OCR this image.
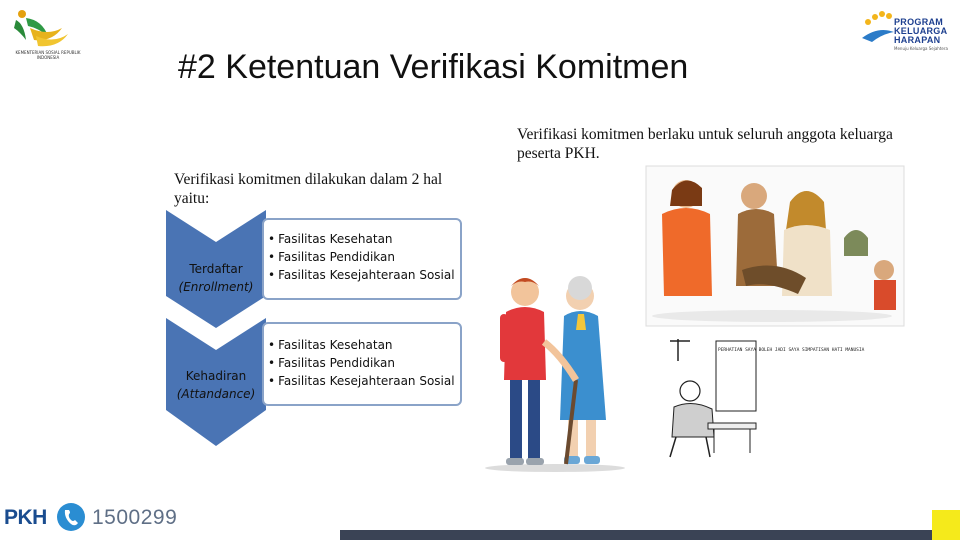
KEMENTERIAN SOSIAL REPUBLIK INDONESIA
PROGRAM
KELUARGA
HARAPAN
Menuju Keluarga Sejahtera
#2 Ketentuan Verifikasi Komitmen
Verifikasi komitmen berlaku untuk seluruh anggota keluarga peserta PKH.
Verifikasi komitmen dilakukan dalam 2 hal yaitu:
Terdaftar
(Enrollment)
Kehadiran
(Attandance)
• Fasilitas Kesehatan
• Fasilitas Pendidikan
• Fasilitas Kesejahteraan Sosial
• Fasilitas Kesehatan
• Fasilitas Pendidikan
• Fasilitas Kesejahteraan Sosial
PERHATIAN SAYA BOLEH JADI SAYA SIMPATISAN HATI MANUSIA
PKH 1500299
